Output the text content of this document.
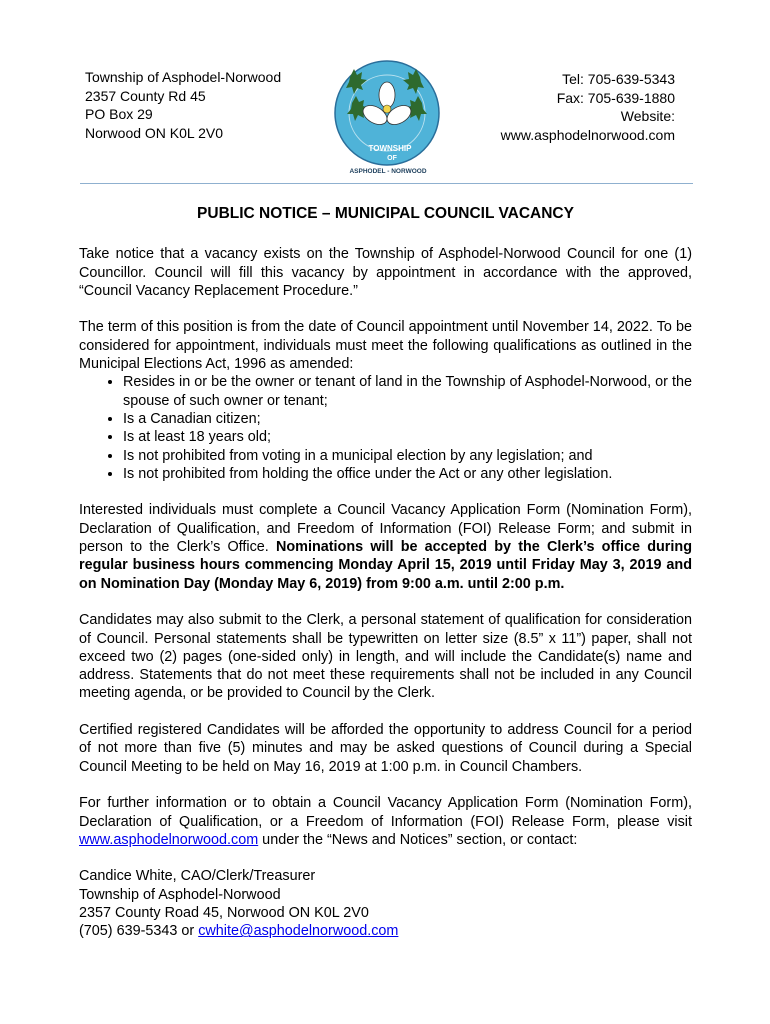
Township of Asphodel-Norwood
2357 County Rd 45
PO Box 29
Norwood ON K0L 2V0
TOWNSHIP
OF
ASPHODEL - NORWOOD
Tel: 705-639-5343
Fax: 705-639-1880
Website:
www.asphodelnorwood.com
PUBLIC NOTICE – MUNICIPAL COUNCIL VACANCY

Take notice that a vacancy exists on the Township of Asphodel-Norwood Council for one (1) Councillor. Council will fill this vacancy by appointment in accordance with the approved, “Council Vacancy Replacement Procedure.”

The term of this position is from the date of Council appointment until November 14, 2022. To be considered for appointment, individuals must meet the following qualifications as outlined in the Municipal Elections Act, 1996 as amended:

• Resides in or be the owner or tenant of land in the Township of Asphodel-Norwood, or the spouse of such owner or tenant;
• Is a Canadian citizen;
• Is at least 18 years old;
• Is not prohibited from voting in a municipal election by any legislation; and
• Is not prohibited from holding the office under the Act or any other legislation.

Interested individuals must complete a Council Vacancy Application Form (Nomination Form), Declaration of Qualification, and Freedom of Information (FOI) Release Form; and submit in person to the Clerk’s Office. Nominations will be accepted by the Clerk’s office during regular business hours commencing Monday April 15, 2019 until Friday May 3, 2019 and on Nomination Day (Monday May 6, 2019) from 9:00 a.m. until 2:00 p.m.

Candidates may also submit to the Clerk, a personal statement of qualification for consideration of Council. Personal statements shall be typewritten on letter size (8.5” x 11”) paper, shall not exceed two (2) pages (one-sided only) in length, and will include the Candidate(s) name and address. Statements that do not meet these requirements shall not be included in any Council meeting agenda, or be provided to Council by the Clerk.

Certified registered Candidates will be afforded the opportunity to address Council for a period of not more than five (5) minutes and may be asked questions of Council during a Special Council Meeting to be held on May 16, 2019 at 1:00 p.m. in Council Chambers.

For further information or to obtain a Council Vacancy Application Form (Nomination Form), Declaration of Qualification, or a Freedom of Information (FOI) Release Form, please visit www.asphodelnorwood.com under the “News and Notices” section, or contact:

Candice White, CAO/Clerk/Treasurer
Township of Asphodel-Norwood
2357 County Road 45, Norwood ON K0L 2V0
(705) 639-5343 or cwhite@asphodelnorwood.com
